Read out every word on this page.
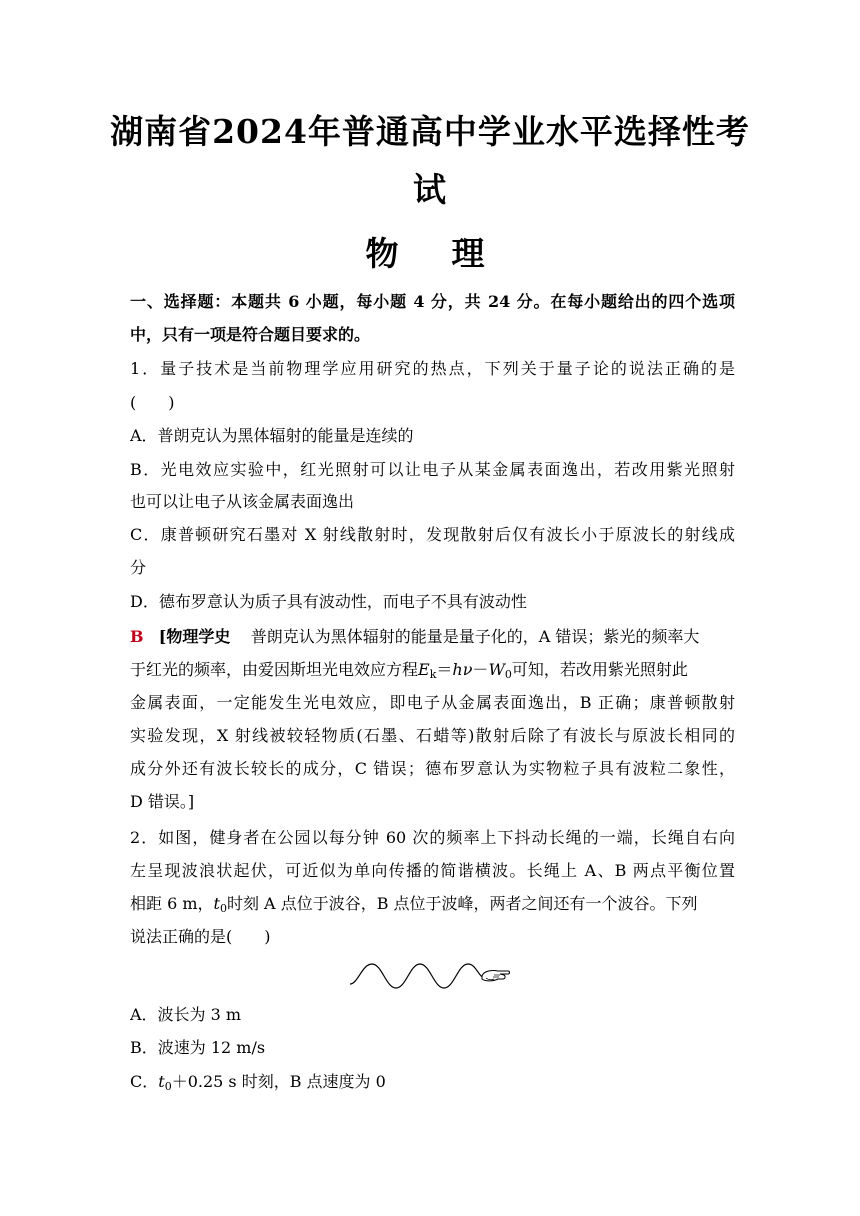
湖南省2024年普通高中学业水平选择性考
试
物　理
一、选择题：本题共 6 小题，每小题 4 分，共 24 分。在每小题给出的四个选项
中，只有一项是符合题目要求的。
1．量子技术是当前物理学应用研究的热点，下列关于量子论的说法正确的是
(　　)
A．普朗克认为黑体辐射的能量是连续的
B．光电效应实验中，红光照射可以让电子从某金属表面逸出，若改用紫光照射
也可以让电子从该金属表面逸出
C．康普顿研究石墨对 X 射线散射时，发现散射后仅有波长小于原波长的射线成
分
D．德布罗意认为质子具有波动性，而电子不具有波动性
B [物理学史 普朗克认为黑体辐射的能量是量子化的，A 错误；紫光的频率大
于红光的频率，由爱因斯坦光电效应方程$E_k=h\nu-W_0$可知，若改用紫光照射此
金属表面，一定能发生光电效应，即电子从金属表面逸出，B 正确；康普顿散射
实验发现，X 射线被较轻物质(石墨、石蜡等)散射后除了有波长与原波长相同的
成分外还有波长较长的成分，C 错误；德布罗意认为实物粒子具有波粒二象性，
D 错误。]
2．如图，健身者在公园以每分钟 60 次的频率上下抖动长绳的一端，长绳自右向
左呈现波浪状起伏，可近似为单向传播的简谐横波。长绳上 A、B 两点平衡位置
相距 6 m，$t_0$时刻 A 点位于波谷，B 点位于波峰，两者之间还有一个波谷。下列
说法正确的是(　　)
A．波长为 3 m
B．波速为 12 m/s
C．$t_0+0.25$ s 时刻，B 点速度为 0
